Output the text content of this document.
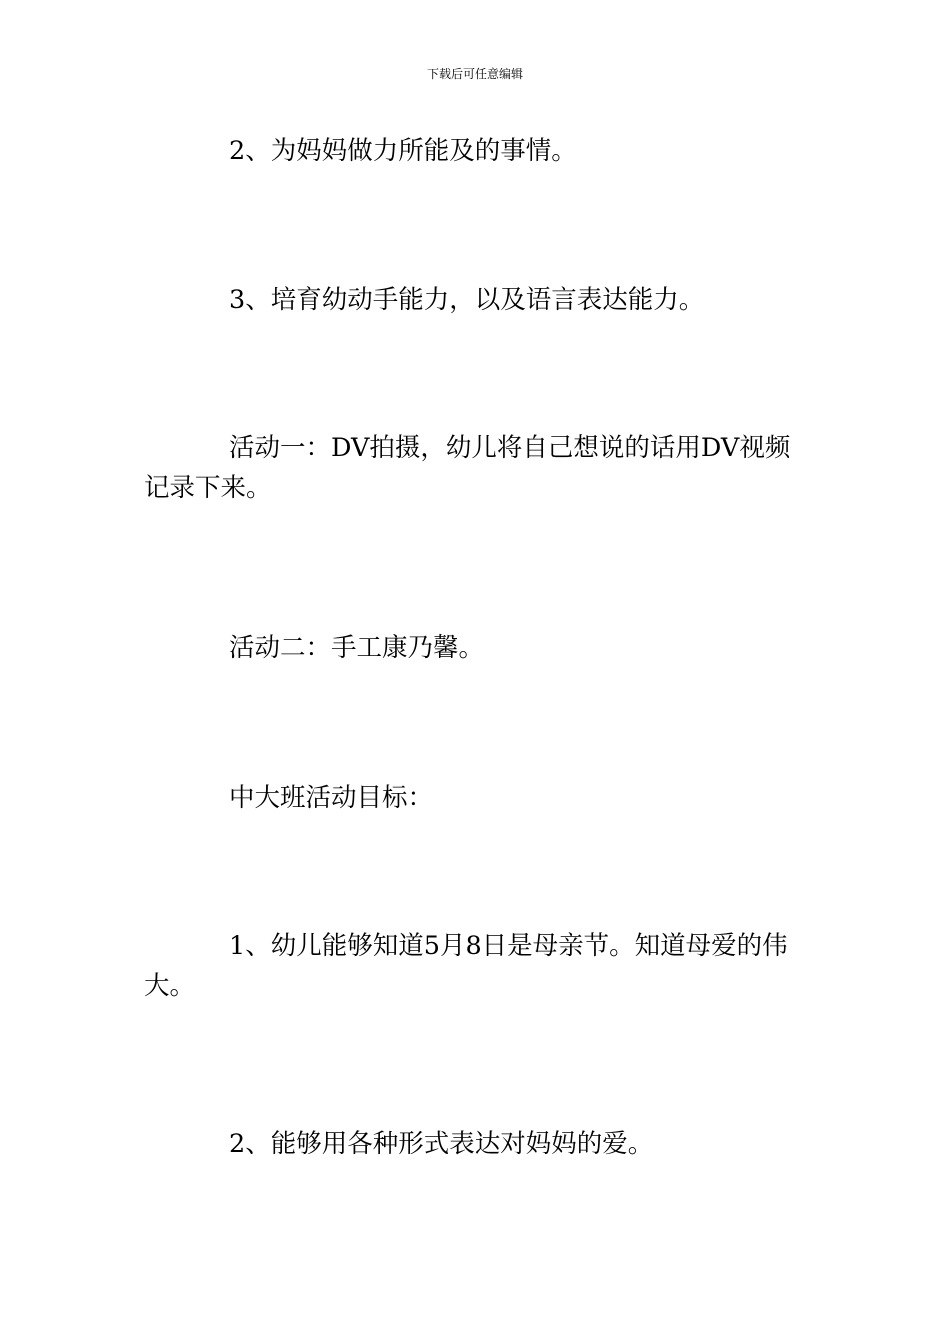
下载后可任意编辑
2、为妈妈做力所能及的事情。
3、培育幼动手能力，以及语言表达能力。
活动一：DV拍摄，幼儿将自己想说的话用DV视频记录下来。
活动二：手工康乃馨。
中大班活动目标：
1、幼儿能够知道5月8日是母亲节。知道母爱的伟大。
2、能够用各种形式表达对妈妈的爱。
